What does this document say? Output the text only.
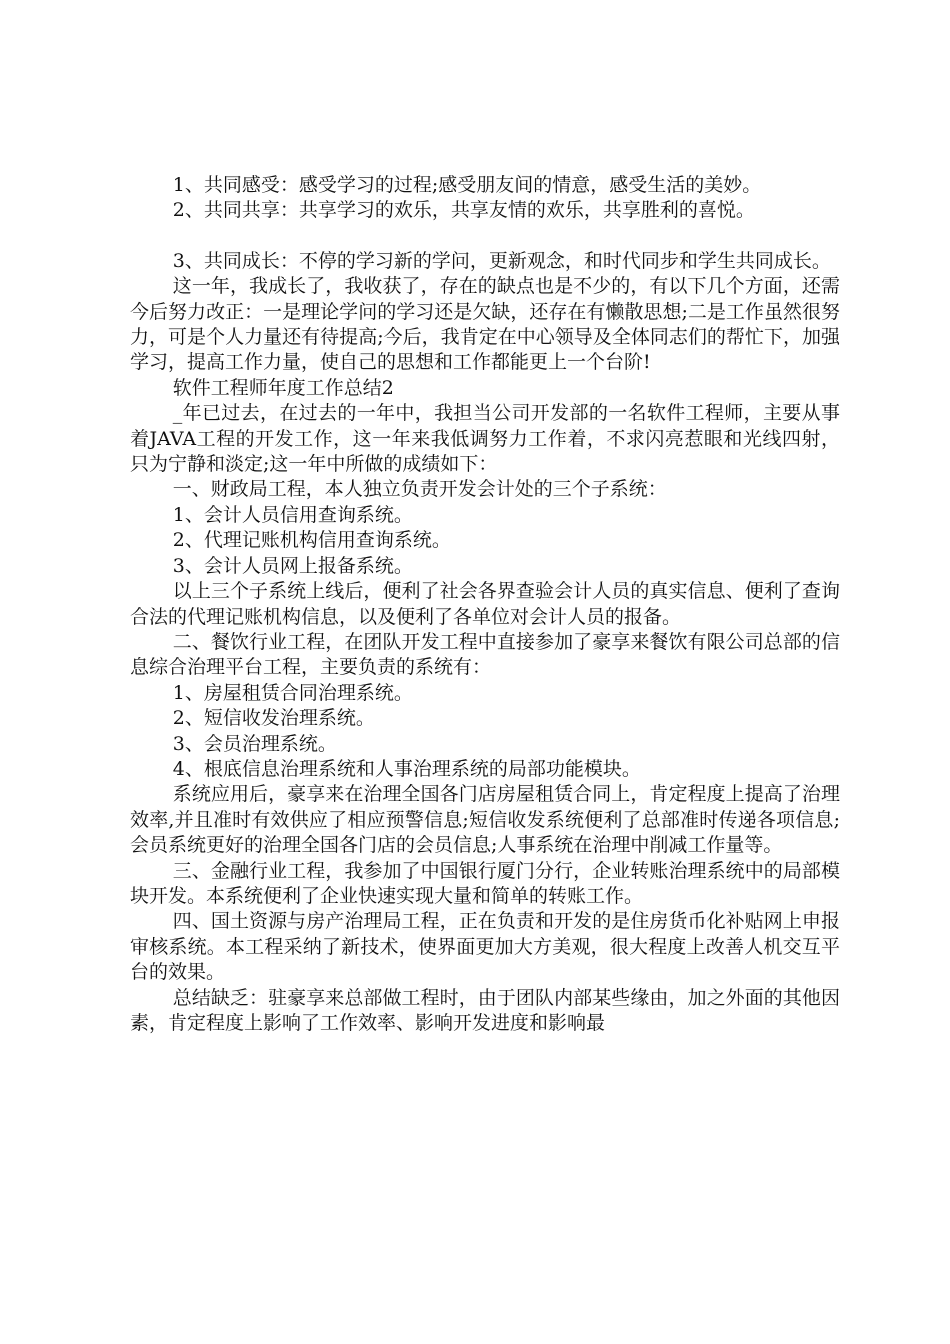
1、共同感受：感受学习的过程;感受朋友间的情意，感受生活的美妙。

2、共同共享：共享学习的欢乐，共享友情的欢乐，共享胜利的喜悦。

3、共同成长：不停的学习新的学问，更新观念，和时代同步和学生共同成长。

这一年，我成长了，我收获了，存在的缺点也是不少的，有以下几个方面，还需今后努力改正：一是理论学问的学习还是欠缺，还存在有懒散思想;二是工作虽然很努力，可是个人力量还有待提高;今后，我肯定在中心领导及全体同志们的帮忙下，加强学习，提高工作力量，使自己的思想和工作都能更上一个台阶!

软件工程师年度工作总结2

_年已过去，在过去的一年中，我担当公司开发部的一名软件工程师，主要从事着JAVA工程的开发工作，这一年来我低调努力工作着，不求闪亮惹眼和光线四射，只为宁静和淡定;这一年中所做的成绩如下：

一、财政局工程，本人独立负责开发会计处的三个子系统：

1、会计人员信用查询系统。

2、代理记账机构信用查询系统。

3、会计人员网上报备系统。

以上三个子系统上线后，便利了社会各界查验会计人员的真实信息、便利了查询合法的代理记账机构信息，以及便利了各单位对会计人员的报备。

二、餐饮行业工程，在团队开发工程中直接参加了豪享来餐饮有限公司总部的信息综合治理平台工程，主要负责的系统有：

1、房屋租赁合同治理系统。

2、短信收发治理系统。

3、会员治理系统。

4、根底信息治理系统和人事治理系统的局部功能模块。

系统应用后，豪享来在治理全国各门店房屋租赁合同上，肯定程度上提高了治理效率,并且准时有效供应了相应预警信息;短信收发系统便利了总部准时传递各项信息;会员系统更好的治理全国各门店的会员信息;人事系统在治理中削减工作量等。

三、金融行业工程，我参加了中国银行厦门分行，企业转账治理系统中的局部模块开发。本系统便利了企业快速实现大量和简单的转账工作。

四、国土资源与房产治理局工程，正在负责和开发的是住房货币化补贴网上申报审核系统。本工程采纳了新技术，使界面更加大方美观，很大程度上改善人机交互平台的效果。

总结缺乏：驻豪享来总部做工程时，由于团队内部某些缘由，加之外面的其他因素，肯定程度上影响了工作效率、影响开发进度和影响最
